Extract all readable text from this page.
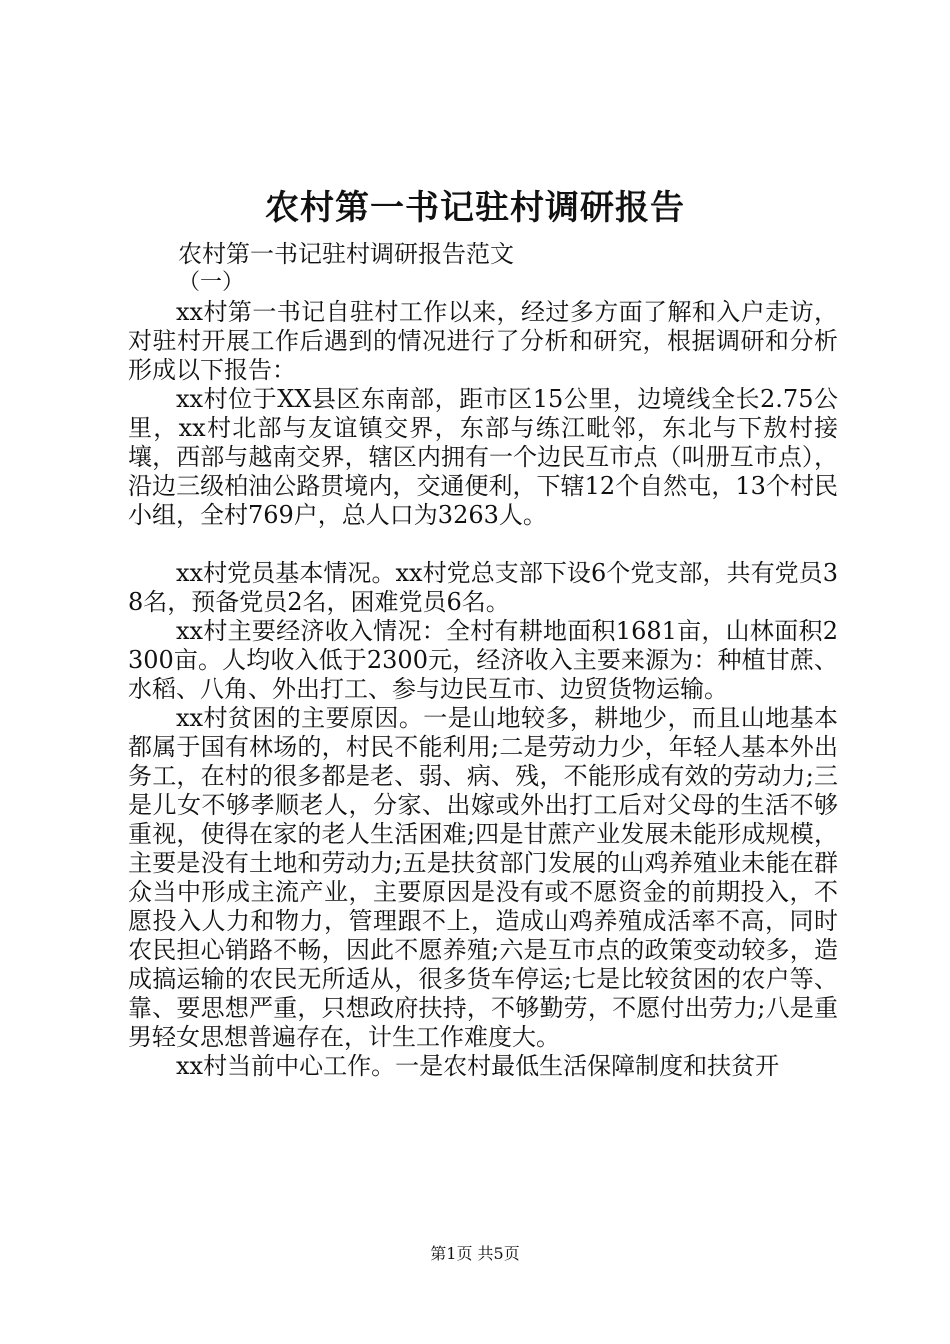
农村第一书记驻村调研报告
农村第一书记驻村调研报告范文
（一）

xx村第一书记自驻村工作以来，经过多方面了解和入户走访，对驻村开展工作后遇到的情况进行了分析和研究，根据调研和分析形成以下报告：

xx村位于XX县区东南部，距市区15公里，边境线全长2.75公里，xx村北部与友谊镇交界，东部与练江毗邻，东北与下敖村接壤，西部与越南交界，辖区内拥有一个边民互市点（叫册互市点），沿边三级柏油公路贯境内，交通便利，下辖12个自然屯，13个村民小组，全村769户，总人口为3263人。

xx村党员基本情况。xx村党总支部下设6个党支部，共有党员38名，预备党员2名，困难党员6名。

xx村主要经济收入情况：全村有耕地面积1681亩，山林面积2300亩。人均收入低于2300元，经济收入主要来源为：种植甘蔗、水稻、八角、外出打工、参与边民互市、边贸货物运输。

xx村贫困的主要原因。一是山地较多，耕地少，而且山地基本都属于国有林场的，村民不能利用;二是劳动力少，年轻人基本外出务工，在村的很多都是老、弱、病、残，不能形成有效的劳动力;三是儿女不够孝顺老人，分家、出嫁或外出打工后对父母的生活不够重视，使得在家的老人生活困难;四是甘蔗产业发展未能形成规模，主要是没有土地和劳动力;五是扶贫部门发展的山鸡养殖业未能在群众当中形成主流产业，主要原因是没有或不愿资金的前期投入，不愿投入人力和物力，管理跟不上，造成山鸡养殖成活率不高，同时农民担心销路不畅，因此不愿养殖;六是互市点的政策变动较多，造成搞运输的农民无所适从，很多货车停运;七是比较贫困的农户等、靠、要思想严重，只想政府扶持，不够勤劳，不愿付出劳力;八是重男轻女思想普遍存在，计生工作难度大。

xx村当前中心工作。一是农村最低生活保障制度和扶贫开

第1页 共5页
